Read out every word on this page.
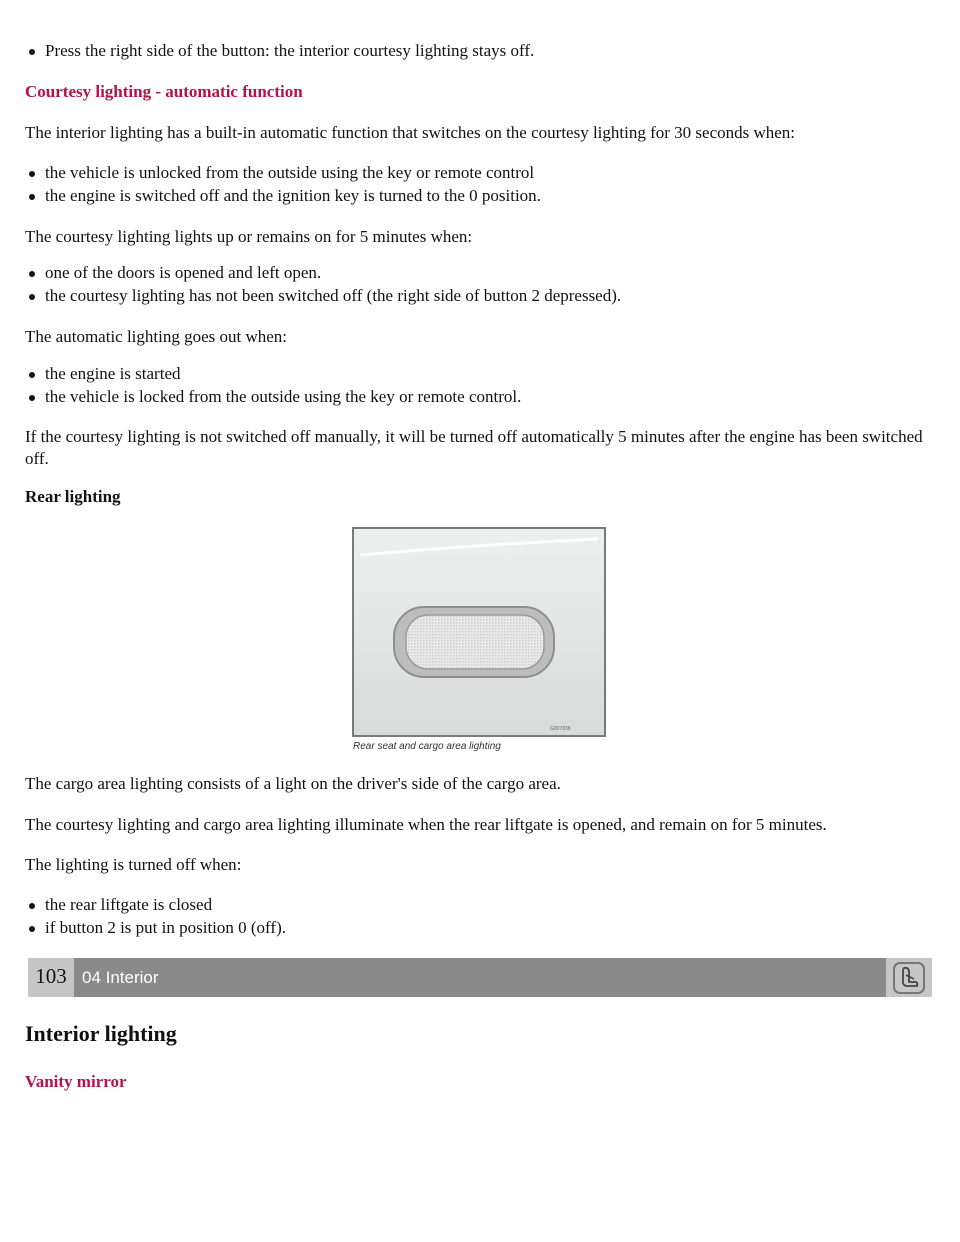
Press the right side of the button: the interior courtesy lighting stays off.

Courtesy lighting - automatic function

The interior lighting has a built-in automatic function that switches on the courtesy lighting for 30 seconds when:

the vehicle is unlocked from the outside using the key or remote control
the engine is switched off and the ignition key is turned to the 0 position.

The courtesy lighting lights up or remains on for 5 minutes when:

one of the doors is opened and left open.
the courtesy lighting has not been switched off (the right side of button 2 depressed).

The automatic lighting goes out when:

the engine is started
the vehicle is locked from the outside using the key or remote control.

If the courtesy lighting is not switched off manually, it will be turned off automatically 5 minutes after the engine has been switched off.

Rear lighting

G007838
Rear seat and cargo area lighting

The cargo area lighting consists of a light on the driver's side of the cargo area.

The courtesy lighting and cargo area lighting illuminate when the rear liftgate is opened, and remain on for 5 minutes.

The lighting is turned off when:

the rear liftgate is closed
if button 2 is put in position 0 (off).
103 04 Interior

Interior lighting

Vanity mirror
